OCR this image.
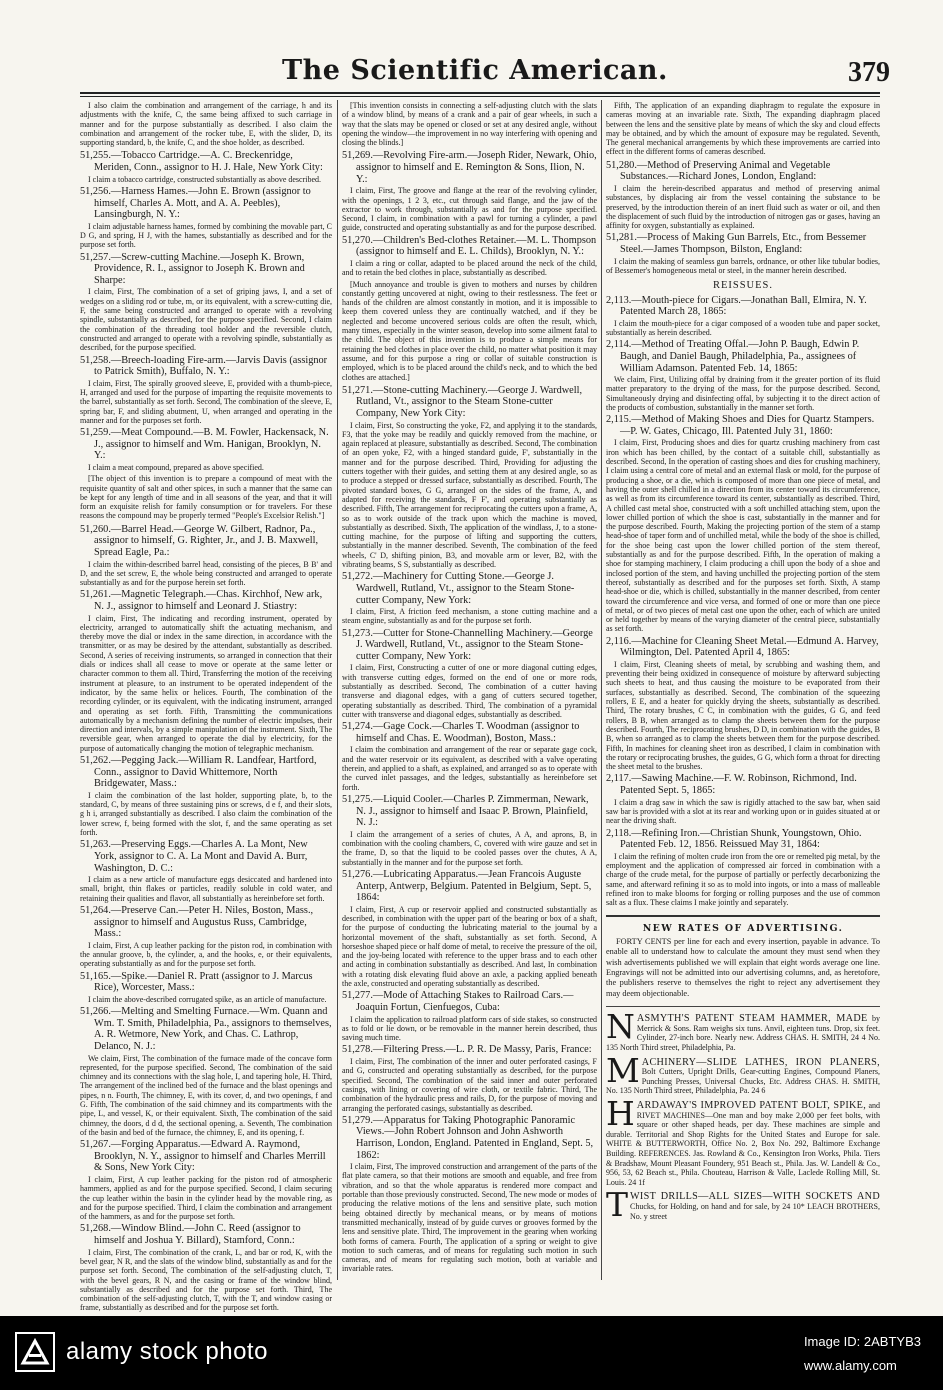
The Scientific American.	379
I also claim the combination and arrangement of the carriage, h and its adjustments with the knife, C, the same being affixed to such carriage in manner and for the purpose substantially as described. I also claim the combination and arrangement of the rocker tube, E, with the slider, D, its supporting standard, b, the knife, C, and the shoe holder, as described.
51,255.—Tobacco Cartridge.—A. C. Breckenridge, Meriden, Conn., assignor to H. J. Hale, New York City:
I claim a tobacco cartridge, constructed substantially as above described.
51,256.—Harness Hames.—John E. Brown (assignor to himself, Charles A. Mott, and A. A. Peebles), Lansingburgh, N. Y.:
I claim adjustable harness hames, formed by combining the movable part, C D G, and spring, H J, with the hames, substantially as described and for the purpose set forth.
51,257.—Screw-cutting Machine.—Joseph K. Brown, Providence, R. I., assignor to Joseph K. Brown and Sharpe:
I claim, First, The combination of a set of griping jaws, I, and a set of wedges on a sliding rod or tube, m, or its equivalent, with a screw-cutting die, F, the same being constructed and arranged to operate with a revolving spindle, substantially as described, for the purpose specified. Second, I claim the combination of the threading tool holder and the reversible clutch, constructed and arranged to operate with a revolving spindle, substantially as described, for the purpose specified.
51,258.—Breech-loading Fire-arm.—Jarvis Davis (assignor to Patrick Smith), Buffalo, N. Y.:
I claim, First, The spirally grooved sleeve, E, provided with a thumb-piece, H, arranged and used for the purpose of imparting the requisite movements to the barrel, substantially as set forth. Second, The combination of the sleeve, E, spring bar, F, and sliding abutment, U, when arranged and operating in the manner and for the purposes set forth.
51,259.—Meat Compound.—B. M. Fowler, Hackensack, N. J., assignor to himself and Wm. Hanigan, Brooklyn, N. Y.:
I claim a meat compound, prepared as above specified.
[The object of this invention is to prepare a compound of meat with the requisite quantity of salt and other spices, in such a manner that the same can be kept for any length of time and in all seasons of the year, and that it will form an exquisite relish for family consumption or for travelers. For these reasons the compound may be properly termed "People's Excelsior Relish."]
51,260.—Barrel Head.—George W. Gilbert, Radnor, Pa., assignor to himself, G. Righter, Jr., and J. B. Maxwell, Spread Eagle, Pa.:
I claim the within-described barrel head, consisting of the pieces, B B' and D, and the set screw, E, the whole being constructed and arranged to operate substantially as and for the purpose herein set forth.
51,261.—Magnetic Telegraph.—Chas. Kirchhof, New ark, N. J., assignor to himself and Leonard J. Stiastry:
I claim, First, The indicating and recording instrument, operated by electricity, arranged to automatically shift the actuating mechanism, and thereby move the dial or index in the same direction, in accordance with the transmitter, or as may be desired by the attendant, substantially as described. Second, A series of receiving instruments, so arranged in connection that their dials or indices shall all cease to move or operate at the same letter or character common to them all. Third, Transferring the motion of the receiving instrument at pleasure, to an instrument to be operated independent of the indicator, by the same helix or helices. Fourth, The combination of the recording cylinder, or its equivalent, with the indicating instrument, arranged and operating as set forth. Fifth, Transmitting the communications automatically by a mechanism defining the number of electric impulses, their direction and intervals, by a simple manipulation of the instrument. Sixth, The reversible gear, when arranged to operate the dial by electricity, for the purpose of automatically changing the motion of telegraphic mechanism.
51,262.—Pegging Jack.—William R. Landfear, Hartford, Conn., assignor to David Whittemore, North Bridgewater, Mass.:
I claim the combination of the last holder, supporting plate, b, to the standard, C, by means of three sustaining pins or screws, d e f, and their slots, g h i, arranged substantially as described. I also claim the combination of the lower screw, f, being formed with the slot, f, and the same operating as set forth.
51,263.—Preserving Eggs.—Charles A. La Mont, New York, assignor to C. A. La Mont and David A. Burr, Washington, D. C.:
I claim as a new article of manufacture eggs desiccated and hardened into small, bright, thin flakes or particles, readily soluble in cold water, and retaining their qualities and flavor, all substantially as hereinbefore set forth.
51,264.—Preserve Can.—Peter H. Niles, Boston, Mass., assignor to himself and Augustus Russ, Cambridge, Mass.:
I claim, First, A cup leather packing for the piston rod, in combination with the annular groove, b, the cylinder, a, and the hooks, e, or their equivalents, operating substantially as and for the purpose set forth.
51,165.—Spike.—Daniel R. Pratt (assignor to J. Marcus Rice), Worcester, Mass.:
I claim the above-described corrugated spike, as an article of manufacture.
51,266.—Melting and Smelting Furnace.—Wm. Quann and Wm. T. Smith, Philadelphia, Pa., assignors to themselves, A. R. Wetmore, New York, and Chas. C. Lathrop, Delanco, N. J.:
We claim, First, The combination of the furnace made of the concave form represented, for the purpose specified. Second, The combination of the said chimney and its connections with the slag hole, I, and tapering hole, H. Third, The arrangement of the inclined bed of the furnace and the blast openings and pipes, n n. Fourth, The chimney, E, with its cover, d, and two openings, f and G. Fifth, The combination of the said chimney and its compartments with the pipe, L, and vessel, K, or their equivalent. Sixth, The combination of the said chimney, the doors, d d d, the sectional opening, a. Seventh, The combination of the basin and bed of the furnace, the chimney, E, and its opening, f.
51,267.—Forging Apparatus.—Edward A. Raymond, Brooklyn, N. Y., assignor to himself and Charles Merrill & Sons, New York City:
I claim, First, A cup leather packing for the piston rod of atmospheric hammers, applied as and for the purpose specified. Second, I claim securing the cup leather within the basin in the cylinder head by the movable ring, as and for the purpose specified. Third, I claim the combination and arrangement of the hammers, as and for the purpose set forth.
51,268.—Window Blind.—John C. Reed (assignor to himself and Joshua Y. Billard), Stamford, Conn.:
I claim, First, The combination of the crank, L, and bar or rod, K, with the bevel gear, N R, and the slats of the window blind, substantially as and for the purpose set forth. Second, The combination of the self-adjusting clutch, T, with the bevel gears, R N, and the casing or frame of the window blind, substantially as described and for the purpose set forth. Third, The combination of the self-adjusting clutch, T, with the T, and window casing or frame, substantially as described and for the purpose set forth.
[This invention consists in connecting a self-adjusting clutch with the slats of a window blind, by means of a crank and a pair of gear wheels, in such a way that the slats may be opened or closed or set at any desired angle, without opening the window—the improvement in no way interfering with opening and closing the blinds.]
51,269.—Revolving Fire-arm.—Joseph Rider, Newark, Ohio, assignor to himself and E. Remington & Sons, Ilion, N. Y.:
I claim, First, The groove and flange at the rear of the revolving cylinder, with the openings, 1 2 3, etc., cut through said flange, and the jaw of the extractor to work through, substantially as and for the purpose specified. Second, I claim, in combination with a pawl for turning a cylinder, a pawl guide, constructed and operating substantially as and for the purpose described.
51,270.—Children's Bed-clothes Retainer.—M. L. Thompson (assignor to himself and E. L. Childs), Brooklyn, N. Y.:
I claim a ring or collar, adapted to be placed around the neck of the child, and to retain the bed clothes in place, substantially as described.
[Much annoyance and trouble is given to mothers and nurses by children constantly getting uncovered at night, owing to their restlessness. The feet or hands of the children are almost constantly in motion, and it is impossible to keep them covered unless they are continually watched, and if they be neglected and become uncovered serious colds are often the result, which, many times, especially in the winter season, develop into some ailment fatal to the child. The object of this invention is to produce a simple means for retaining the bed clothes in place over the child, no matter what position it may assume, and for this purpose a ring or collar of suitable construction is employed, which is to be placed around the child's neck, and to which the bed clothes are attached.]
51,271.—Stone-cutting Machinery.—George J. Wardwell, Rutland, Vt., assignor to the Steam Stone-cutter Company, New York City:
I claim, First, So constructing the yoke, F2, and applying it to the standards, F3, that the yoke may be readily and quickly removed from the machine, or again replaced at pleasure, substantially as described. Second, The combination of an open yoke, F2, with a hinged standard guide, F', substantially in the manner and for the purpose described. Third, Providing for adjusting the cutters together with their guides, and setting them at any desired angle, so as to produce a stepped or dressed surface, substantially as described. Fourth, The pivoted standard boxes, G G, arranged on the sides of the frame, A, and adapted for receiving the standards, F F', and operating substantially as described. Fifth, The arrangement for reciprocating the cutters upon a frame, A, so as to work outside of the track upon which the machine is moved, substantially as described. Sixth, The application of the windlass, J, to a stone-cutting machine, for the purpose of lifting and supporting the cutters, substantially in the manner described. Seventh, The combination of the feed wheels, C' D, shifting pinion, B3, and movable arm or lever, B2, with the vibrating beams, S S, substantially as described.
51,272.—Machinery for Cutting Stone.—George J. Wardwell, Rutland, Vt., assignor to the Steam Stone-cutter Company, New York:
I claim, First, A friction feed mechanism, a stone cutting machine and a steam engine, substantially as and for the purpose set forth.
51,273.—Cutter for Stone-Channelling Machinery.—George J. Wardwell, Rutland, Vt., assignor to the Steam Stone-cutter Company, New York:
I claim, First, Constructing a cutter of one or more diagonal cutting edges, with transverse cutting edges, formed on the end of one or more rods, substantially as described. Second, The combination of a cutter having transverse and diagonal edges, with a gang of cutters secured together, operating substantially as described. Third, The combination of a pyramidal cutter with transverse and diagonal edges, substantially as described.
51,274.—Gage Cock.—Charles T. Woodman (assignor to himself and Chas. E. Woodman), Boston, Mass.:
I claim the combination and arrangement of the rear or separate gage cock, and the water reservoir or its equivalent, as described with a valve operating therein, and applied to a shaft, as explained, and arranged so as to operate with the curved inlet passages, and the ledges, substantially as hereinbefore set forth.
51,275.—Liquid Cooler.—Charles P. Zimmerman, Newark, N. J., assignor to himself and Isaac P. Brown, Plainfield, N. J.:
I claim the arrangement of a series of chutes, A A, and aprons, B, in combination with the cooling chambers, C, covered with wire gauze and set in the frame, D, so that the liquid to be cooled passes over the chutes, A A, substantially in the manner and for the purpose set forth.
51,276.—Lubricating Apparatus.—Jean Francois Auguste Anterp, Antwerp, Belgium. Patented in Belgium, Sept. 5, 1864:
I claim, First, A cup or reservoir applied and constructed substantially as described, in combination with the upper part of the bearing or box of a shaft, for the purpose of conducting the lubricating material to the journal by a horizontal movement of the shaft, substantially as set forth. Second, A horseshoe shaped piece or half dome of metal, to receive the pressure of the oil, and the joy-being located with reference to the upper brass and to each other and acting in combination substantially as described. And last, In combination with a rotating disk elevating fluid above an axle, a packing applied beneath the axle, constructed and operating substantially as described.
51,277.—Mode of Attaching Stakes to Railroad Cars.—Joaquin Fortun, Cienfuegos, Cuba:
I claim the application to railroad platform cars of side stakes, so constructed as to fold or lie down, or be removable in the manner herein described, thus saving much time.
51,278.—Filtering Press.—L. P. R. De Massy, Paris, France:
I claim, First, The combination of the inner and outer perforated casings, F and G, constructed and operating substantially as described, for the purpose specified. Second, The combination of the said inner and outer perforated casings, with lining or covering of wire cloth, or textile fabric. Third, The combination of the hydraulic press and rails, D, for the purpose of moving and arranging the perforated casings, substantially as described.
51,279.—Apparatus for Taking Photographic Panoramic Views.—John Robert Johnson and John Ashworth Harrison, London, England. Patented in England, Sept. 5, 1862:
I claim, First, The improved construction and arrangement of the parts of the flat plate camera, so that their motions are smooth and equable, and free from vibration, and so that the whole apparatus is rendered more compact and portable than those previously constructed. Second, The new mode or modes of producing the relative motions of the lens and sensitive plate, such motion being obtained directly by mechanical means, or by means of motions transmitted mechanically, instead of by guide curves or grooves formed by the lens and sensitive plate. Third, The improvement in the gearing when working both forms of camera. Fourth, The application of a spring or weight to give motion to such cameras, and of means for regulating such motion in such cameras, and of means for regulating such motion, both at variable and invariable rates.
Fifth, The application of an expanding diaphragm to regulate the exposure in cameras moving at an invariable rate. Sixth, The expanding diaphragm placed between the lens and the sensitive plate by means of which the sky and cloud effects may be obtained, and by which the amount of exposure may be regulated. Seventh, The general mechanical arrangements by which these improvements are carried into effect in the different forms of cameras described.
51,280.—Method of Preserving Animal and Vegetable Substances.—Richard Jones, London, England:
I claim the herein-described apparatus and method of preserving animal substances, by displacing air from the vessel containing the substance to be preserved, by the introduction therein of an inert fluid such as water or oil, and then the displacement of such fluid by the introduction of nitrogen gas or gases, having an affinity for oxygen, substantially as explained.
51,281.—Process of Making Gun Barrels, Etc., from Bessemer Steel.—James Thompson, Bilston, England:
I claim the making of seamless gun barrels, ordnance, or other like tubular bodies, of Bessemer's homogeneous metal or steel, in the manner herein described.
REISSUES.
2,113.—Mouth-piece for Cigars.—Jonathan Ball, Elmira, N. Y. Patented March 28, 1865:
I claim the mouth-piece for a cigar composed of a wooden tube and paper socket, substantially as herein described.
2,114.—Method of Treating Offal.—John P. Baugh, Edwin P. Baugh, and Daniel Baugh, Philadelphia, Pa., assignees of William Adamson. Patented Feb. 14, 1865:
We claim, First, Utilizing offal by draining from it the greater portion of its fluid matter preparatory to the drying of the mass, for the purpose described. Second, Simultaneously drying and disinfecting offal, by subjecting it to the direct action of the products of combustion, substantially in the manner set forth.
2,115.—Method of Making Shoes and Dies for Quartz Stampers.—P. W. Gates, Chicago, Ill. Patented July 31, 1860:
I claim, First, Producing shoes and dies for quartz crushing machinery from cast iron which has been chilled, by the contact of a suitable chill, substantially as described. Second, In the operation of casting shoes and dies for crushing machinery, I claim using a central core of metal and an external flask or mold, for the purpose of producing a shoe, or a die, which is composed of more than one piece of metal, and having the outer shell chilled in a direction from its center toward its circumference, as well as from its circumference toward its center, substantially as described. Third, A chilled cast metal shoe, constructed with a soft unchilled attaching stem, upon the lower chilled portion of which the shoe is cast, substantially in the manner and for the purpose described. Fourth, Making the projecting portion of the stem of a stamp head-shoe of taper form and of unchilled metal, while the body of the shoe is chilled, for the shoe being cast upon the lower chilled portion of the stem thereof, substantially as and for the purpose described. Fifth, In the operation of making a shoe for stamping machinery, I claim producing a chill upon the body of a shoe and inclosed portion of the stem, and having unchilled the projecting portion of the stem thereof, substantially as described and for the purposes set forth. Sixth, A stamp head-shoe or die, which is chilled, substantially in the manner described, from center toward the circumference and vice versa, and formed of one or more than one piece of metal, or of two pieces of metal cast one upon the other, each of which are united or held together by means of the varying diameter of the central piece, substantially as set forth.
2,116.—Machine for Cleaning Sheet Metal.—Edmund A. Harvey, Wilmington, Del. Patented April 4, 1865:
I claim, First, Cleaning sheets of metal, by scrubbing and washing them, and preventing their being oxidized in consequence of moisture by afterward subjecting such sheets to heat, and thus causing the moisture to be evaporated from their surfaces, substantially as described. Second, The combination of the squeezing rollers, E E, and a heater for quickly drying the sheets, substantially as described. Third, The rotary brushes, C C, in combination with the guides, G G, and feed rollers, B B, when arranged as to clamp the sheets between them for the purpose described. Fourth, The reciprocating brushes, D D, in combination with the guides, B B, when so arranged as to clamp the sheets between them for the purpose described. Fifth, In machines for cleaning sheet iron as described, I claim in combination with the rotary or reciprocating brushes, the guides, G G, which form a throat for directing the sheet metal to the brushes.
2,117.—Sawing Machine.—F. W. Robinson, Richmond, Ind. Patented Sept. 5, 1865:
I claim a drag saw in which the saw is rigidly attached to the saw bar, when said saw bar is provided with a slot at its rear and working upon or in guides situated at or near the driving shaft.
2,118.—Refining Iron.—Christian Shunk, Youngstown, Ohio. Patented Feb. 12, 1856. Reissued May 31, 1864:
I claim the refining of molten crude iron from the ore or remelted pig metal, by the employment and the application of compressed air forced in combination with a charge of the crude metal, for the purpose of partially or perfectly decarbonizing the same, and afterward refining it so as to mold into ingots, or into a mass of malleable refined iron to make blooms for forging or rolling purposes and the use of common salt as a flux. These claims I make jointly and separately.
NEW RATES OF ADVERTISING.
FORTY CENTS per line for each and every insertion, payable in advance. To enable all to understand how to calculate the amount they must send when they wish advertisements published we will explain that eight words average one line. Engravings will not be admitted into our advertising columns, and, as heretofore, the publishers reserve to themselves the right to reject any advertisement they may deem objectionable.
NASMYTH'S PATENT STEAM HAMMER, MADE by Merrick & Sons. Ram weighs six tuns. Anvil, eighteen tuns. Drop, six feet. Cylinder, 27-inch bore. Nearly new. Address CHAS. H. SMITH, 24 4 No. 135 North Third street, Philadelphia, Pa.
MACHINERY—SLIDE LATHES, IRON PLANERS, Bolt Cutters, Upright Drills, Gear-cutting Engines, Compound Planers, Punching Presses, Universal Chucks, Etc. Address CHAS. H. SMITH, No. 135 North Third street, Philadelphia, Pa. 24 6
HARDAWAY'S IMPROVED PATENT BOLT, SPIKE, and RIVET MACHINES—One man and boy make 2,000 per feet bolts, with square or other shaped heads, per day. These machines are simple and durable. Territorial and Shop Rights for the United States and Europe for sale. WHITE & BUTTERWORTH, Office No. 2, Box No. 292, Baltimore Exchange Building. REFERENCES. Jas. Rowland & Co., Kensington Iron Works, Phila. Tiers & Bradshaw, Mount Pleasant Foundery, 951 Beach st., Phila. Jas. W. Landell & Co., 956, 53, 62 Beach st., Phila. Chouteau, Harrison & Valle, Laclede Rolling Mill, St. Louis. 24 1f
TWIST DRILLS—ALL SIZES—WITH SOCKETS AND Chucks, for Holding, on hand and for sale, by 24 10* LEACH BROTHERS, No. y street
alamy stock photo	Image ID: 2ABTYB3
www.alamy.com
